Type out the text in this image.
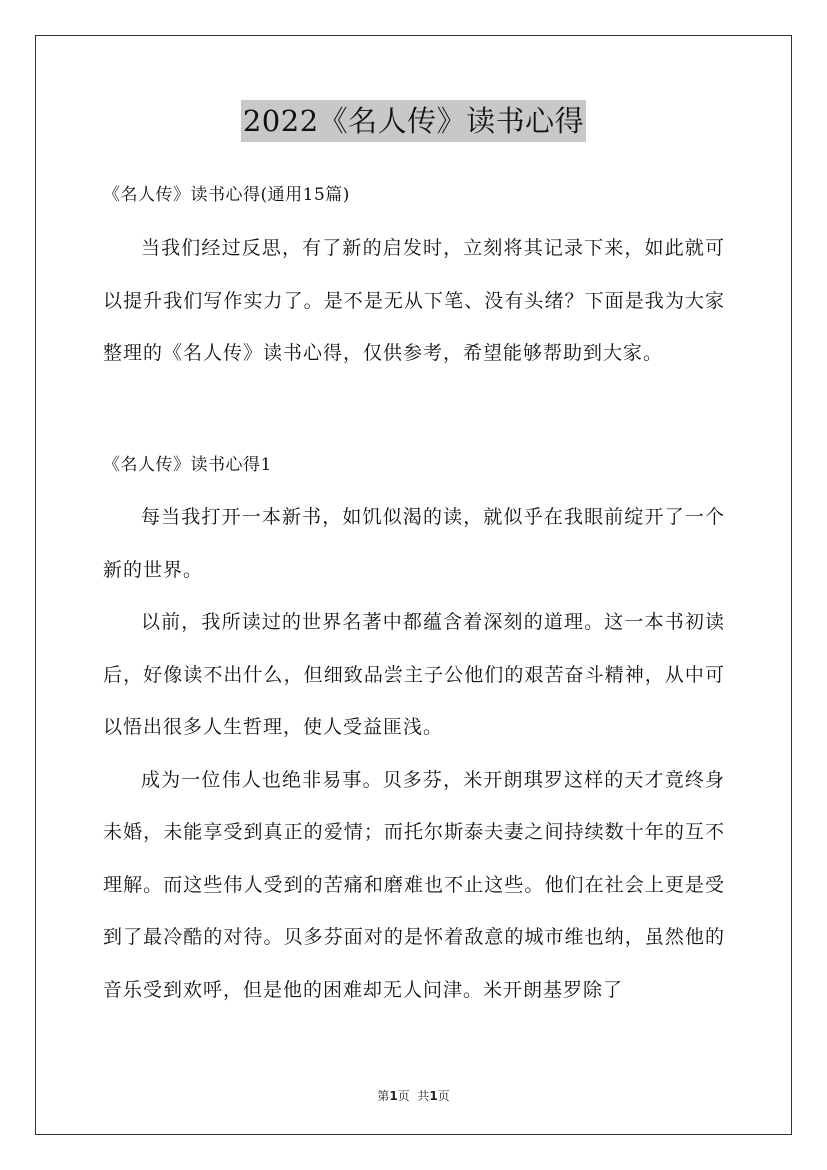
2022《名人传》读书心得
《名人传》读书心得(通用15篇)

当我们经过反思，有了新的启发时，立刻将其记录下来，如此就可以提升我们写作实力了。是不是无从下笔、没有头绪？下面是我为大家整理的《名人传》读书心得，仅供参考，希望能够帮助到大家。

《名人传》读书心得1

每当我打开一本新书，如饥似渴的读，就似乎在我眼前绽开了一个新的世界。

以前，我所读过的世界名著中都蕴含着深刻的道理。这一本书初读后，好像读不出什么，但细致品尝主子公他们的艰苦奋斗精神，从中可以悟出很多人生哲理，使人受益匪浅。

成为一位伟人也绝非易事。贝多芬，米开朗琪罗这样的天才竟终身未婚，未能享受到真正的爱情；而托尔斯泰夫妻之间持续数十年的互不理解。而这些伟人受到的苦痛和磨难也不止这些。他们在社会上更是受到了最冷酷的对待。贝多芬面对的是怀着敌意的城市维也纳，虽然他的音乐受到欢呼，但是他的困难却无人问津。米开朗基罗除了

第1页  共1页
